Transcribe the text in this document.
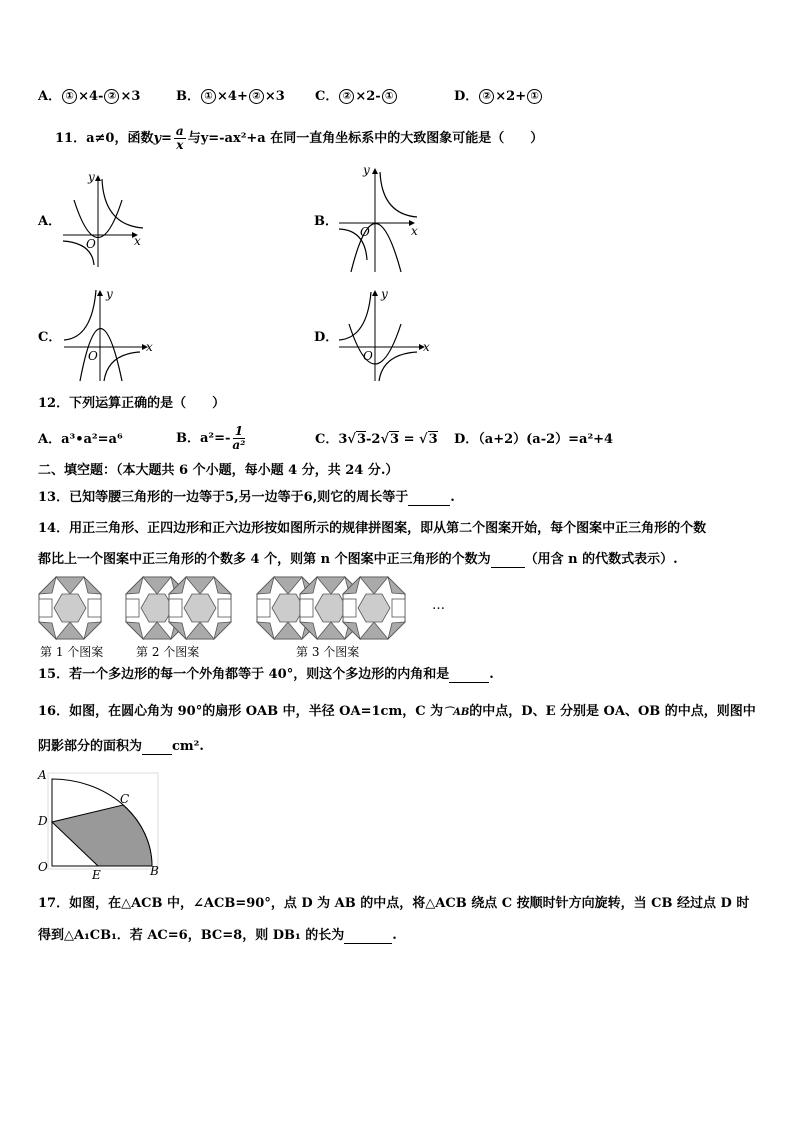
A． ① ×4- ② ×3	B． ① ×4+ ② ×3 C． ② ×2- ①	D． ② ×2+ ①
11．a≠0，函数$y= \frac{a}{x}$ 与y=-ax²+a 在同一直角坐标系中的大致图象可能是（　　）
A．	B．
C．	D．
O	x
y
O	x
y
O
x
y
O
x
y
12．下列运算正确的是（　　）
A．a³•a²=a⁶	B．$a^2=- \frac{1}{\text{a²}}$	C．3√3-2√3 = √3 D．（a+2）(a-2）=a²+4
二、填空题：（本大题共 6 个小题，每小题 4 分，共 24 分.）
13．已知等腰三角形的一边等于5,另一边等于6,则它的周长等于	.
14．用正三角形、正四边形和正六边形按如图所示的规律拼图案，即从第二个图案开始，每个图案中正三角形的个数
都比上一个图案中正三角形的个数多 4 个，则第 n 个图案中正三角形的个数为	（用含 n 的代数式表示）.
…
第 1 个图案	第 2 个图案	第 3 个图案
15．若一个多边形的每一个外角都等于 40°，则这个多边形的内角和是	.
16．如图，在圆心角为 90°的扇形 OAB 中，半径 OA=1cm，C 为⌒AB的中点，D、E 分别是 OA、OB 的中点，则图中
阴影部分的面积为 cm².
A
C
D
O
E	B
17．如图，在△ACB 中，∠ACB=90°，点 D 为 AB 的中点，将△ACB 绕点 C 按顺时针方向旋转，当 CB 经过点 D 时
得到△A₁CB₁．若 AC=6，BC=8，则 DB₁ 的长为	.
